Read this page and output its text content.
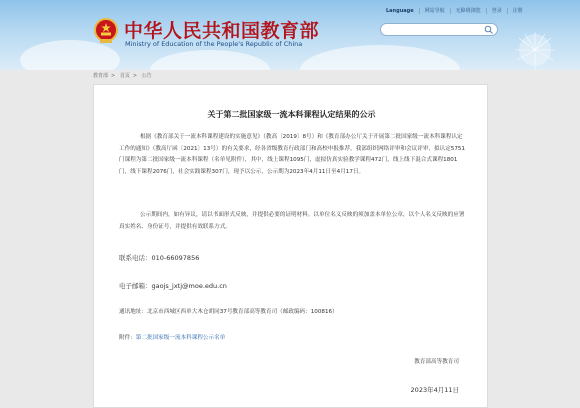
中华人民共和国教育部
Ministry of Education of the People's Republic of China
Language	网站导航	无障碍浏览	登录	注册
教育部 > 首页 > 公告
关于第二批国家级一流本科课程认定结果的公示
根据《教育部关于一流本科课程建设的实施意见》（教高〔2019〕8号）和《教育部办公厅关于开展第二批国家级一流本科课程认定工作的通知》（教高厅函〔2021〕13号）的有关要求，经各省级教育行政部门和高校申报推荐，我部组织网络评审和会议评审，拟认定5751门课程为第二批国家级一流本科课程（名单见附件），其中，线上课程1095门，虚拟仿真实验教学课程472门，线上线下混合式课程1801门，线下课程2076门，社会实践课程307门，现予以公示，公示期为2023年4月11日至4月17日。
公示期间内，如有异议，请以书面形式反映，并提供必要的证明材料。以单位名义反映的须加盖本单位公章，以个人名义反映的应署真实姓名、身份证号，并提供有效联系方式。
联系电话：010-66097856
电子邮箱：gaojs_jxtj@moe.edu.cn
通讯地址：北京市西城区西单大木仓胡同37号教育部高等教育司（邮政编码：100816）
附件：第二批国家级一流本科课程公示名单
教育部高等教育司
2023年4月11日
